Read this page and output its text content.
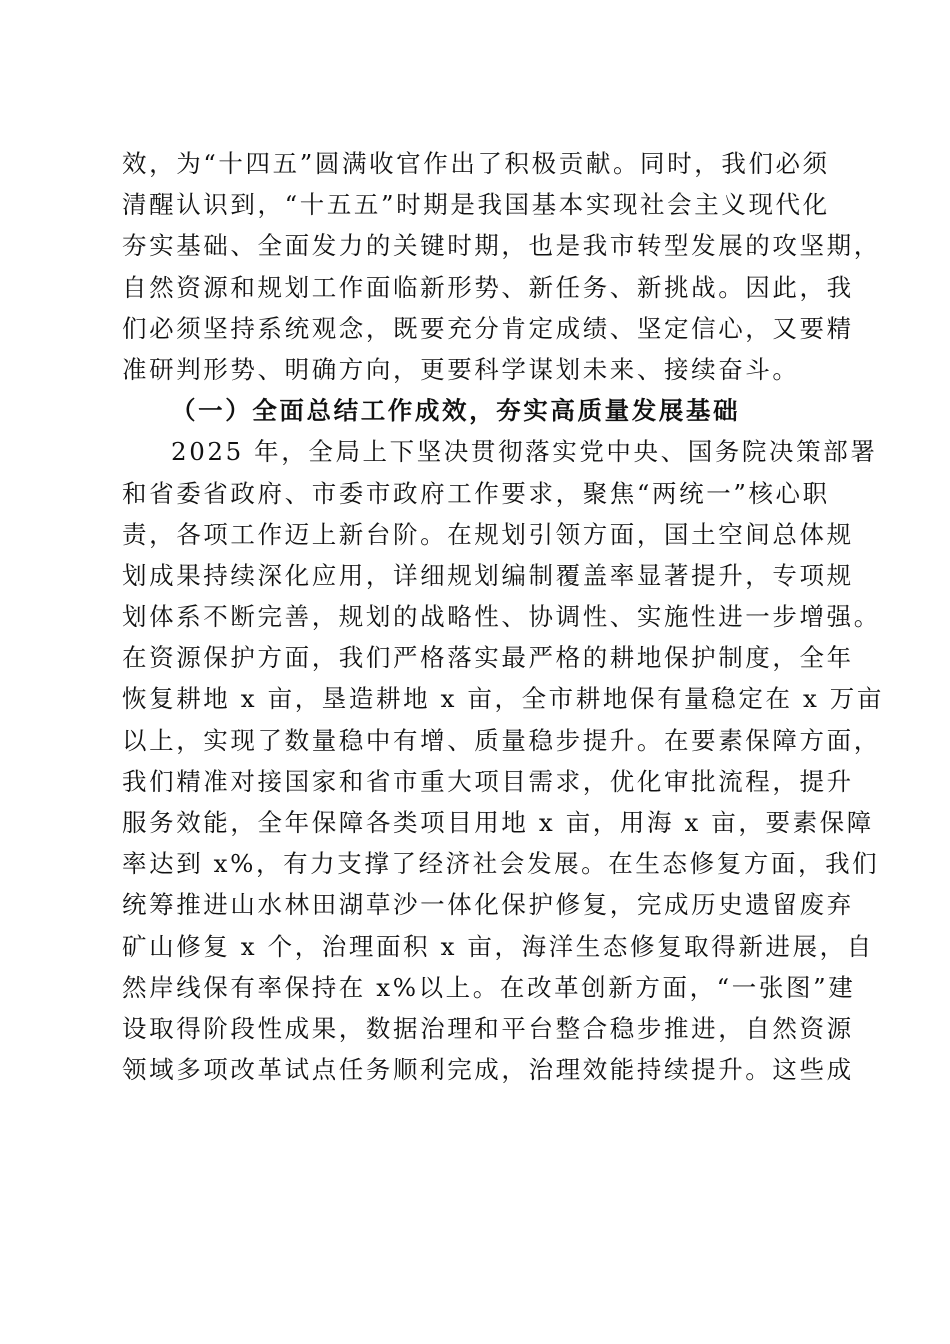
效，为“十四五”圆满收官作出了积极贡献。同时，我们必须
清醒认识到，“十五五”时期是我国基本实现社会主义现代化
夯实基础、全面发力的关键时期，也是我市转型发展的攻坚期，
自然资源和规划工作面临新形势、新任务、新挑战。因此，我
们必须坚持系统观念，既要充分肯定成绩、坚定信心，又要精
准研判形势、明确方向，更要科学谋划未来、接续奋斗。
（一）全面总结工作成效，夯实高质量发展基础
2025 年，全局上下坚决贯彻落实党中央、国务院决策部署
和省委省政府、市委市政府工作要求，聚焦“两统一”核心职
责，各项工作迈上新台阶。在规划引领方面，国土空间总体规
划成果持续深化应用，详细规划编制覆盖率显著提升，专项规
划体系不断完善，规划的战略性、协调性、实施性进一步增强。
在资源保护方面，我们严格落实最严格的耕地保护制度，全年
恢复耕地 x 亩，垦造耕地 x 亩，全市耕地保有量稳定在 x 万亩
以上，实现了数量稳中有增、质量稳步提升。在要素保障方面，
我们精准对接国家和省市重大项目需求，优化审批流程，提升
服务效能，全年保障各类项目用地 x 亩，用海 x 亩，要素保障
率达到 x%，有力支撑了经济社会发展。在生态修复方面，我们
统筹推进山水林田湖草沙一体化保护修复，完成历史遗留废弃
矿山修复 x 个，治理面积 x 亩，海洋生态修复取得新进展，自
然岸线保有率保持在 x%以上。在改革创新方面，“一张图”建
设取得阶段性成果，数据治理和平台整合稳步推进，自然资源
领域多项改革试点任务顺利完成，治理效能持续提升。这些成
